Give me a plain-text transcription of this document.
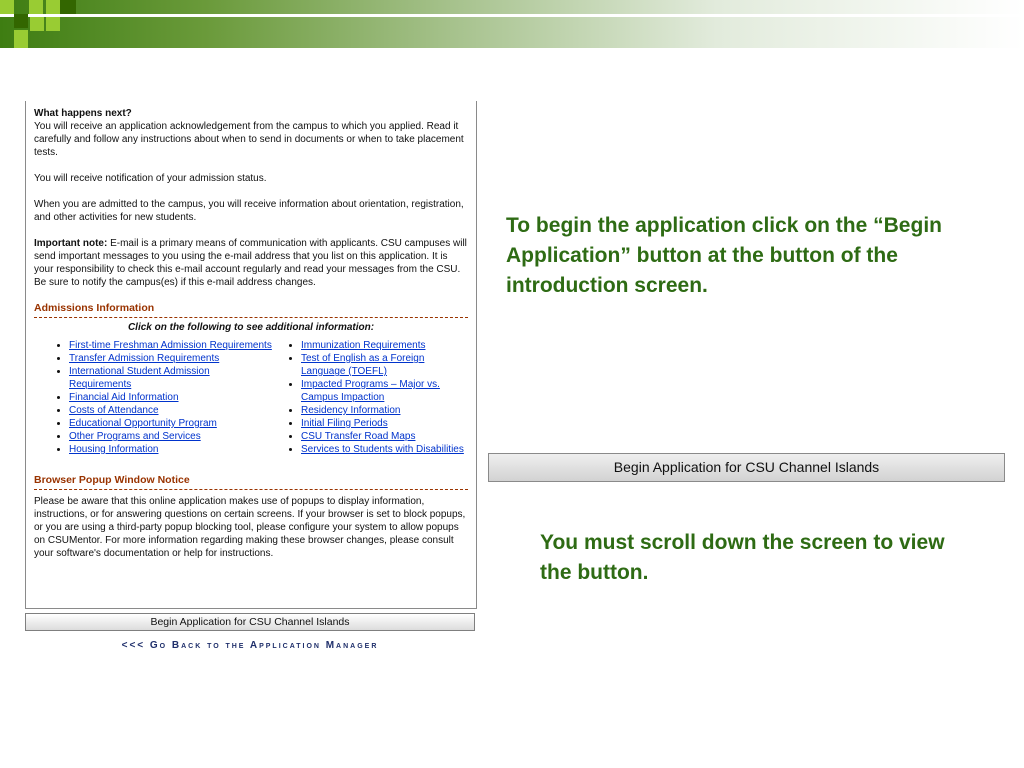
What happens next?

You will receive an application acknowledgement from the campus to which you applied. Read it carefully and follow any instructions about when to send in documents or when to take placement tests.

You will receive notification of your admission status.

When you are admitted to the campus, you will receive information about orientation, registration, and other activities for new students.

Important note: E-mail is a primary means of communication with applicants. CSU campuses will send important messages to you using the e-mail address that you list on this application. It is your responsibility to check this e-mail account regularly and read your messages from the CSU. Be sure to notify the campus(es) if this e-mail address changes.

Admissions Information
Click on the following to see additional information:
• First-time Freshman Admission Requirements
• Transfer Admission Requirements
• International Student Admission Requirements
• Financial Aid Information
• Costs of Attendance
• Educational Opportunity Program
• Other Programs and Services
• Housing Information
• Immunization Requirements
• Test of English as a Foreign Language (TOEFL)
• Impacted Programs – Major vs. Campus Impaction
• Residency Information
• Initial Filing Periods
• CSU Transfer Road Maps
• Services to Students with Disabilities
Browser Popup Window Notice
Please be aware that this online application makes use of popups to display information, instructions, or for answering questions on certain screens. If your browser is set to block popups, or you are using a third-party popup blocking tool, please configure your system to allow popups on CSUMentor. For more information regarding making these browser changes, please consult your software's documentation or help for instructions.
Begin Application for CSU Channel Islands
<<< Go Back to the Application Manager
To begin the application click on the “Begin Application” button at the button of the introduction screen.
Begin Application for CSU Channel Islands
You must scroll down the screen to view the button.
